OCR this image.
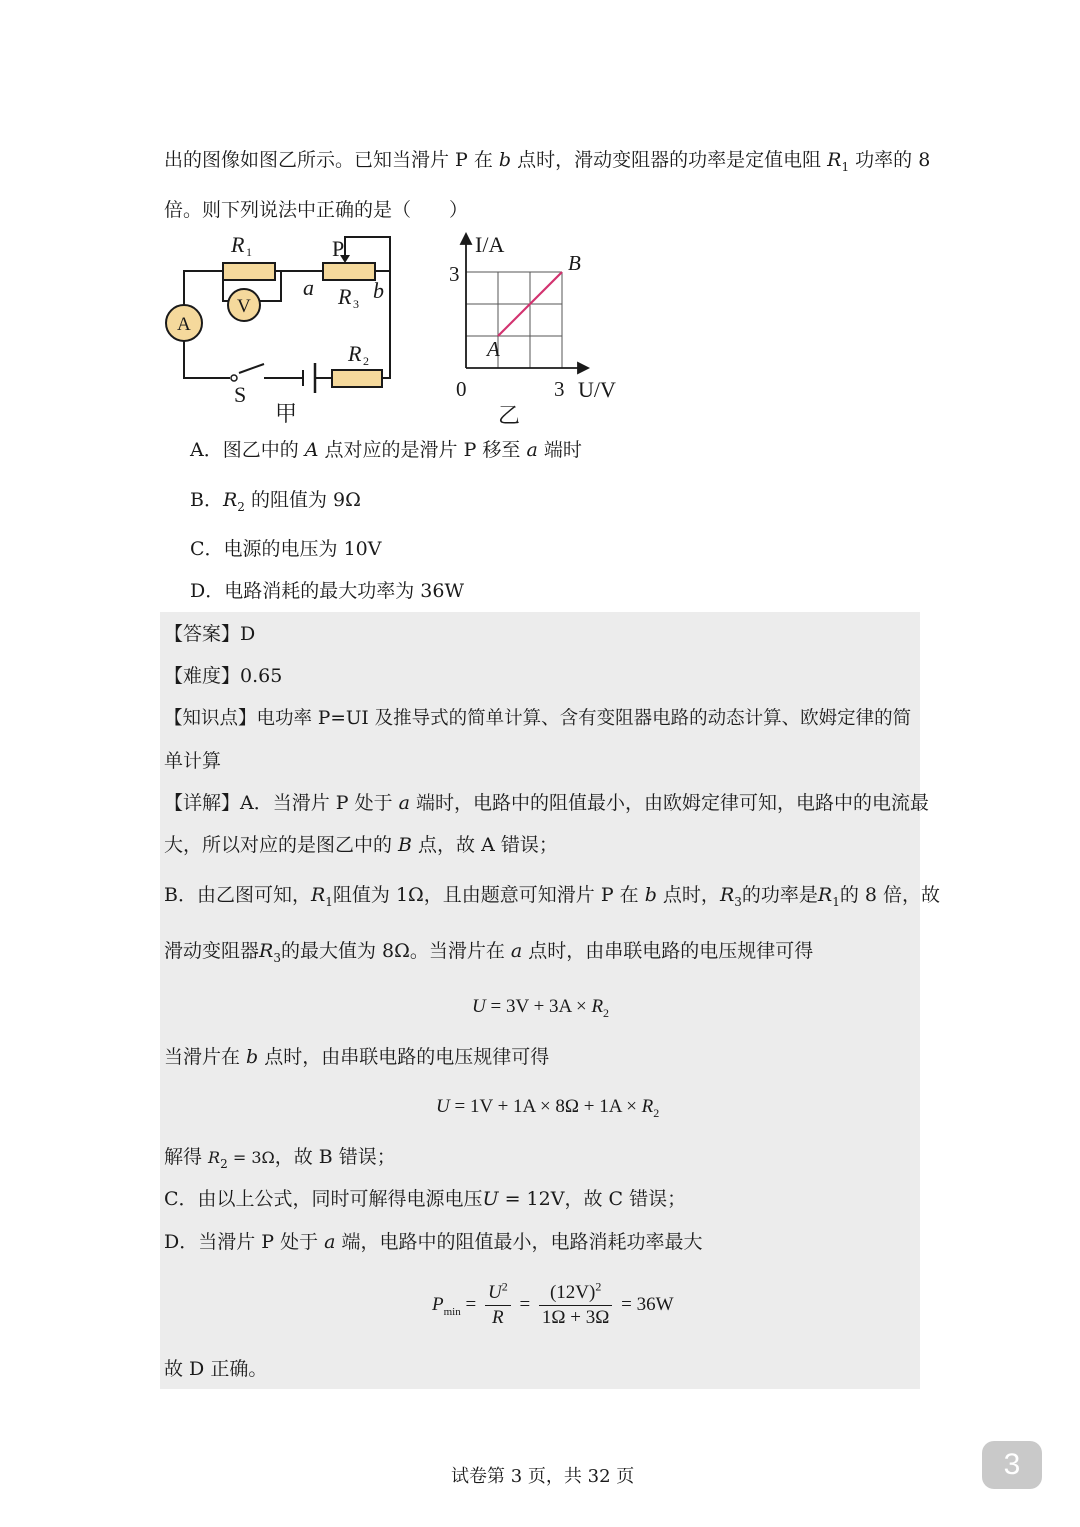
出的图像如图乙所示。已知当滑片 P 在 b 点时，滑动变阻器的功率是定值电阻 $R_1$ 功率的 8
倍。则下列说法中正确的是（　　）
R 1
V
P
a R 3
b
A
S
R 2
甲
I/A
3
0	3 U/V
A
B
乙
A．图乙中的 A 点对应的是滑片 P 移至 a 端时
B．$R_2$ 的阻值为 9Ω
C．电源的电压为 10V
D．电路消耗的最大功率为 36W
【答案】D
【难度】0.65
【知识点】电功率 P=UI 及推导式的简单计算、含有变阻器电路的动态计算、欧姆定律的简
单计算
【详解】A．当滑片 P 处于 a 端时，电路中的阻值最小，由欧姆定律可知，电路中的电流最
大，所以对应的是图乙中的 B 点，故 A 错误；
B．由乙图可知，$R_1$阻值为 1Ω，且由题意可知滑片 P 在 b 点时，$R_3$的功率是$R_1$的 8 倍，故
滑动变阻器$R_3$的最大值为 8Ω。当滑片在 a 点时，由串联电路的电压规律可得
$U = 3V + 3A \times R_2$
当滑片在 b 点时，由串联电路的电压规律可得
$U = 1V + 1A \times 8\Omega + 1A \times R_2$
解得 $R_2 = 3\Omega$，故 B 错误；
C．由以上公式，同时可解得电源电压U = 12V，故 C 错误；
D．当滑片 P 处于 a 端，电路中的阻值最小，电路消耗功率最大
$P_{min} = \frac{U^2}{R} = \frac{(12V)^2}{1\Omega + 3\Omega} = 36W$
故 D 正确。
试卷第 3 页，共 32 页	3
